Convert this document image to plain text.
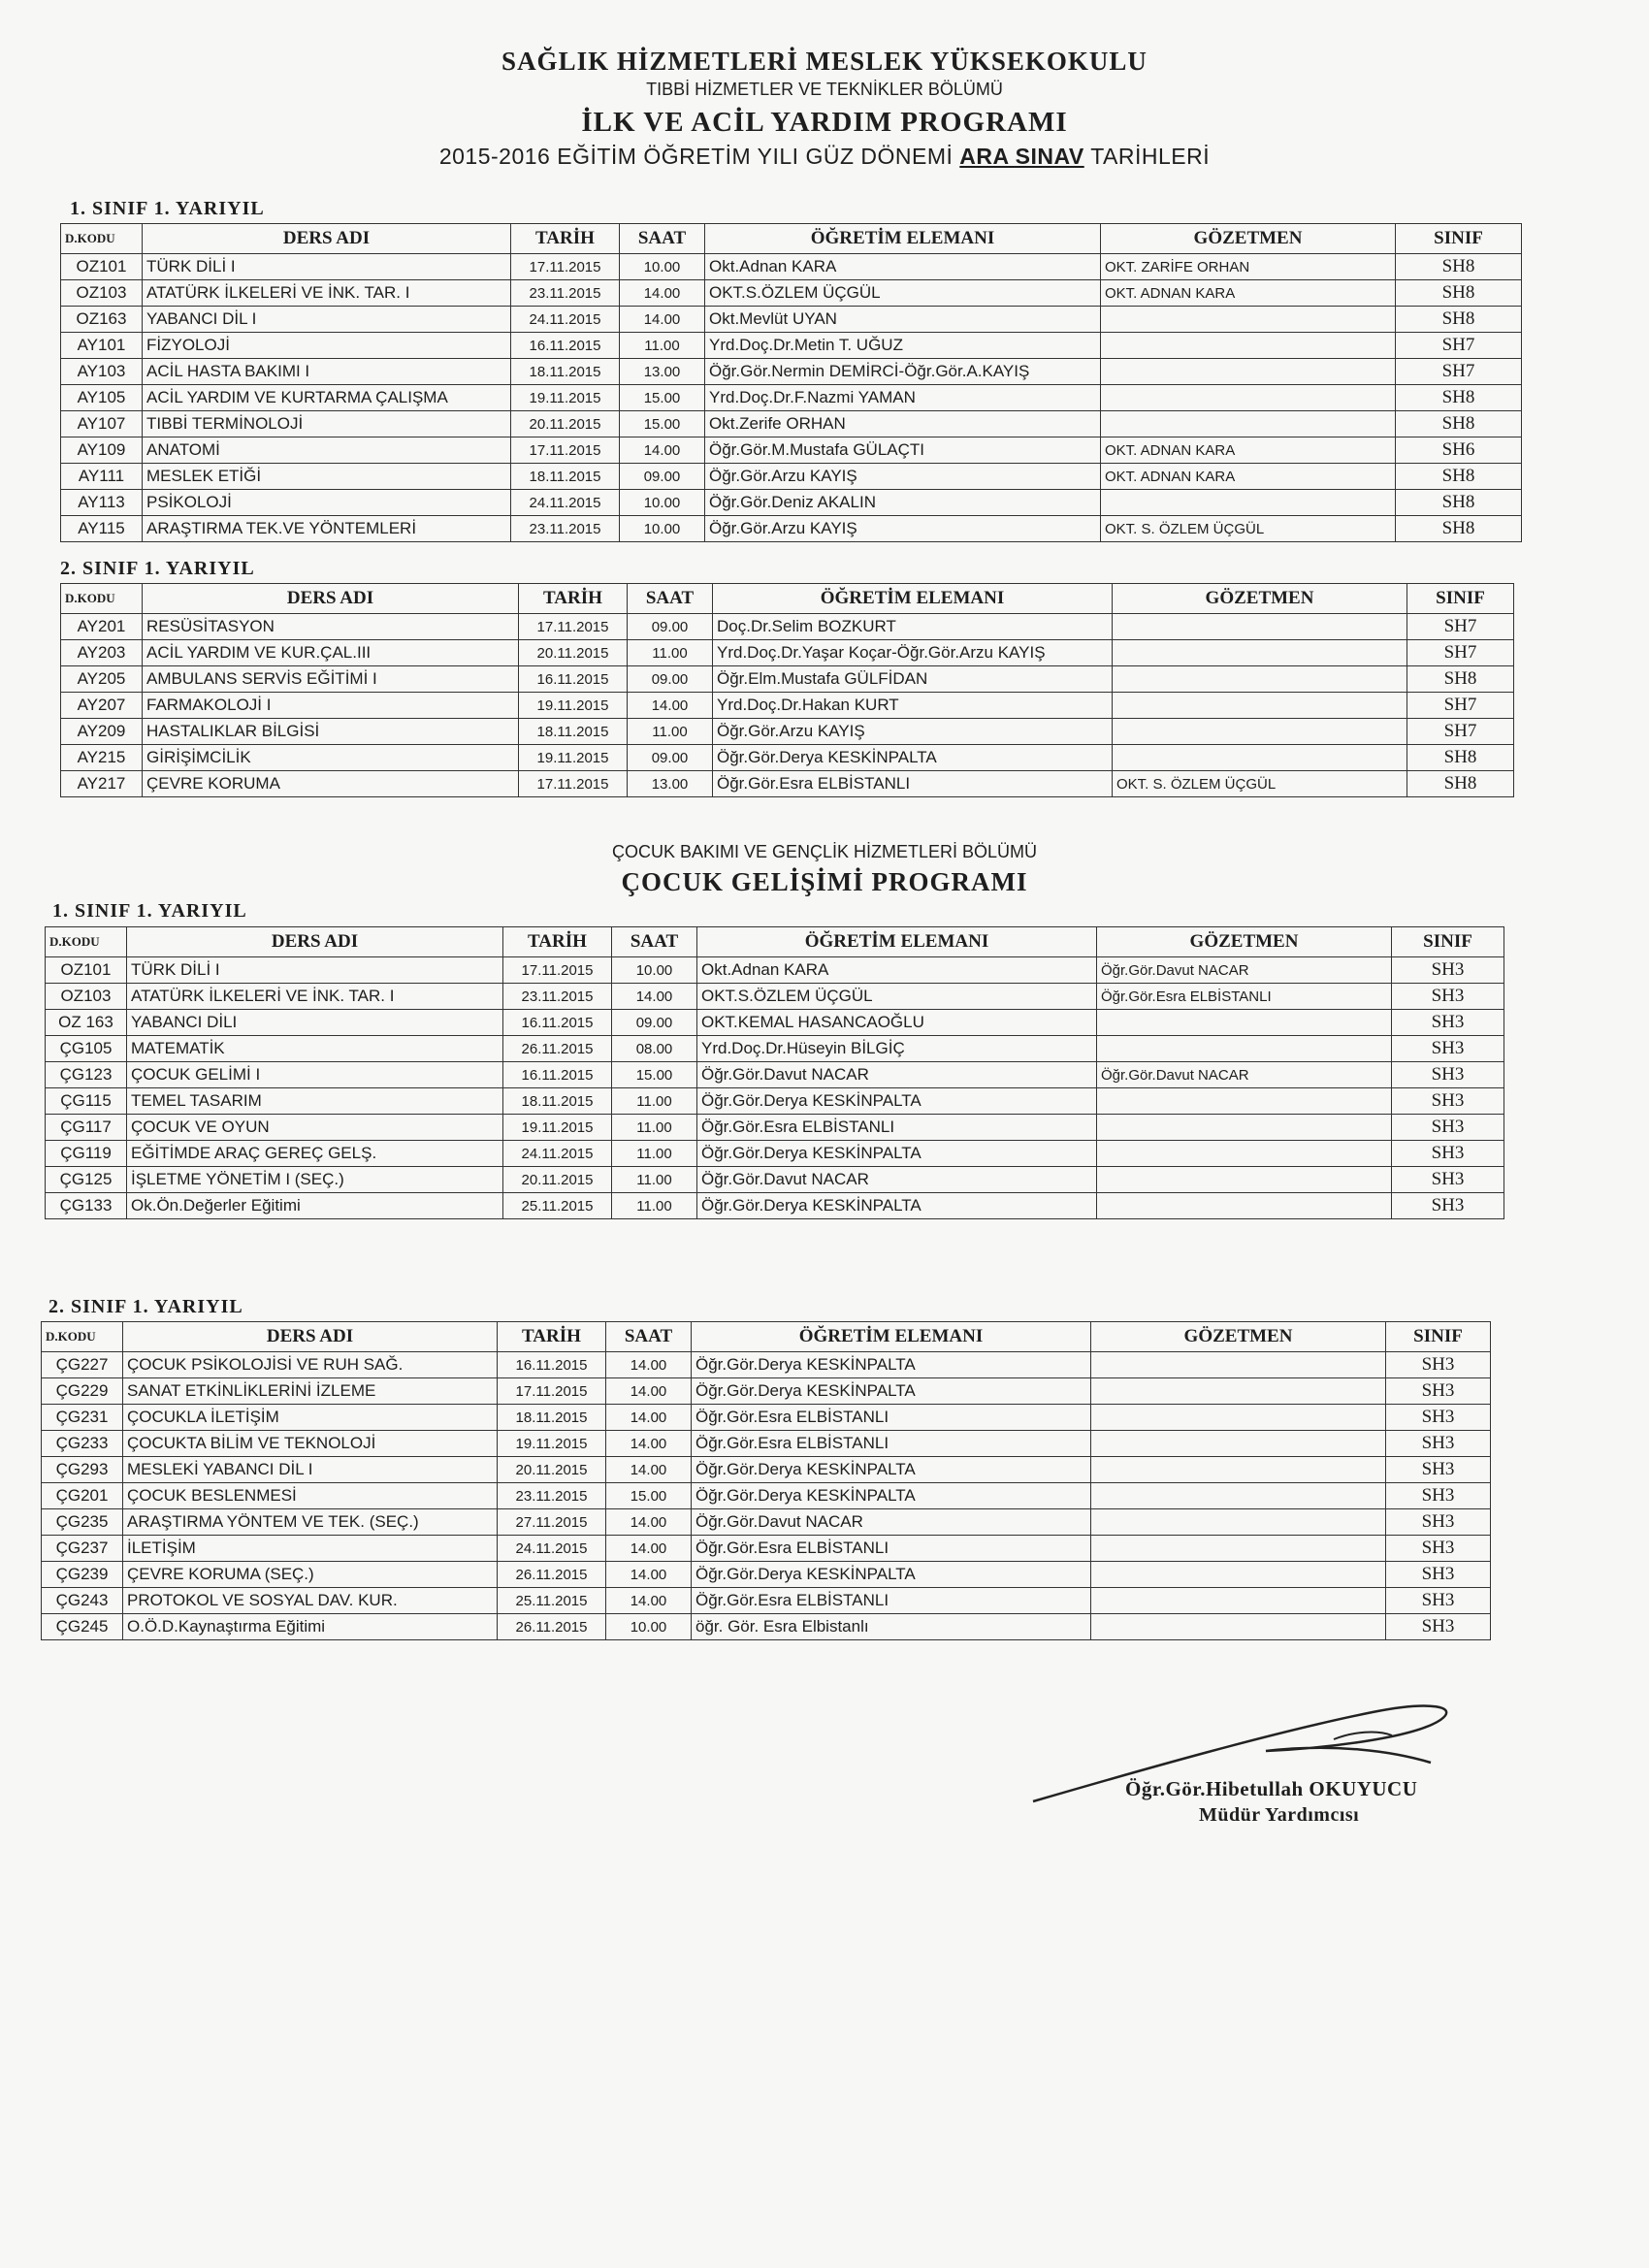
SAĞLIK HİZMETLERİ MESLEK YÜKSEKOKULU
TIBBİ HİZMETLER VE TEKNİKLER BÖLÜMÜ
İLK VE ACİL YARDIM PROGRAMI
2015-2016 EĞİTİM ÖĞRETİM YILI GÜZ DÖNEMİ ARA SINAV TARİHLERİ
1. SINIF 1. YARIYIL
D.KODU	DERS ADI	TARİH	SAAT	ÖĞRETİM ELEMANI	GÖZETMEN	SINIF
OZ101	TÜRK DİLİ I	17.11.2015	10.00	Okt.Adnan KARA	OKT. ZARİFE ORHAN	SH8
OZ103	ATATÜRK İLKELERİ VE İNK. TAR. I	23.11.2015	14.00	OKT.S.ÖZLEM ÜÇGÜL	OKT. ADNAN KARA	SH8
OZ163	YABANCI DİL I	24.11.2015	14.00	Okt.Mevlüt UYAN		SH8
AY101	FİZYOLOJİ	16.11.2015	11.00	Yrd.Doç.Dr.Metin T. UĞUZ		SH7
AY103	ACİL HASTA BAKIMI I	18.11.2015	13.00	Öğr.Gör.Nermin DEMİRCİ-Öğr.Gör.A.KAYIŞ		SH7
AY105	ACİL YARDIM VE KURTARMA ÇALIŞMA	19.11.2015	15.00	Yrd.Doç.Dr.F.Nazmi YAMAN		SH8
AY107	TIBBİ TERMİNOLOJİ	20.11.2015	15.00	Okt.Zerife ORHAN		SH8
AY109	ANATOMİ	17.11.2015	14.00	Öğr.Gör.M.Mustafa GÜLAÇTI	OKT. ADNAN KARA	SH6
AY111	MESLEK ETİĞİ	18.11.2015	09.00	Öğr.Gör.Arzu KAYIŞ	OKT. ADNAN KARA	SH8
AY113	PSİKOLOJİ	24.11.2015	10.00	Öğr.Gör.Deniz AKALIN		SH8
AY115	ARAŞTIRMA TEK.VE YÖNTEMLERİ	23.11.2015	10.00	Öğr.Gör.Arzu KAYIŞ	OKT. S. ÖZLEM ÜÇGÜL	SH8
2. SINIF 1. YARIYIL
D.KODU	DERS ADI	TARİH	SAAT	ÖĞRETİM ELEMANI	GÖZETMEN	SINIF
AY201	RESÜSİTASYON	17.11.2015	09.00	Doç.Dr.Selim BOZKURT		SH7
AY203	ACİL YARDIM VE KUR.ÇAL.III	20.11.2015	11.00	Yrd.Doç.Dr.Yaşar Koçar-Öğr.Gör.Arzu KAYIŞ		SH7
AY205	AMBULANS SERVİS EĞİTİMİ I	16.11.2015	09.00	Öğr.Elm.Mustafa GÜLFİDAN		SH8
AY207	FARMAKOLOJİ I	19.11.2015	14.00	Yrd.Doç.Dr.Hakan KURT		SH7
AY209	HASTALIKLAR BİLGİSİ	18.11.2015	11.00	Öğr.Gör.Arzu KAYIŞ		SH7
AY215	GİRİŞİMCİLİK	19.11.2015	09.00	Öğr.Gör.Derya KESKİNPALTA		SH8
AY217	ÇEVRE KORUMA	17.11.2015	13.00	Öğr.Gör.Esra ELBİSTANLI	OKT. S. ÖZLEM ÜÇGÜL	SH8
ÇOCUK BAKIMI VE GENÇLİK HİZMETLERİ BÖLÜMÜ
ÇOCUK GELİŞİMİ PROGRAMI
1. SINIF 1. YARIYIL
D.KODU	DERS ADI	TARİH	SAAT	ÖĞRETİM ELEMANI	GÖZETMEN	SINIF
OZ101	TÜRK DİLİ I	17.11.2015	10.00	Okt.Adnan KARA	Öğr.Gör.Davut NACAR	SH3
OZ103	ATATÜRK İLKELERİ VE İNK. TAR. I	23.11.2015	14.00	OKT.S.ÖZLEM ÜÇGÜL	Öğr.Gör.Esra ELBİSTANLI	SH3
OZ 163	YABANCI DİLI	16.11.2015	09.00	OKT.KEMAL HASANCAOĞLU		SH3
ÇG105	MATEMATİK	26.11.2015	08.00	Yrd.Doç.Dr.Hüseyin BİLGİÇ		SH3
ÇG123	ÇOCUK GELİMİ I	16.11.2015	15.00	Öğr.Gör.Davut NACAR	Öğr.Gör.Davut NACAR	SH3
ÇG115	TEMEL TASARIM	18.11.2015	11.00	Öğr.Gör.Derya KESKİNPALTA		SH3
ÇG117	ÇOCUK VE OYUN	19.11.2015	11.00	Öğr.Gör.Esra ELBİSTANLI		SH3
ÇG119	EĞİTİMDE ARAÇ GEREÇ GELŞ.	24.11.2015	11.00	Öğr.Gör.Derya KESKİNPALTA		SH3
ÇG125	İŞLETME YÖNETİM I (SEÇ.)	20.11.2015	11.00	Öğr.Gör.Davut NACAR		SH3
ÇG133	Ok.Ön.Değerler Eğitimi	25.11.2015	11.00	Öğr.Gör.Derya KESKİNPALTA		SH3
2. SINIF 1. YARIYIL
D.KODU	DERS ADI	TARİH	SAAT	ÖĞRETİM ELEMANI	GÖZETMEN	SINIF
ÇG227	ÇOCUK PSİKOLOJİSİ VE RUH SAĞ.	16.11.2015	14.00	Öğr.Gör.Derya KESKİNPALTA		SH3
ÇG229	SANAT ETKİNLİKLERİNİ İZLEME	17.11.2015	14.00	Öğr.Gör.Derya KESKİNPALTA		SH3
ÇG231	ÇOCUKLA İLETİŞİM	18.11.2015	14.00	Öğr.Gör.Esra ELBİSTANLI		SH3
ÇG233	ÇOCUKTA BİLİM VE TEKNOLOJİ	19.11.2015	14.00	Öğr.Gör.Esra ELBİSTANLI		SH3
ÇG293	MESLEKİ YABANCI DİL I	20.11.2015	14.00	Öğr.Gör.Derya KESKİNPALTA		SH3
ÇG201	ÇOCUK BESLENMESİ	23.11.2015	15.00	Öğr.Gör.Derya KESKİNPALTA		SH3
ÇG235	ARAŞTIRMA YÖNTEM VE TEK. (SEÇ.)	27.11.2015	14.00	Öğr.Gör.Davut NACAR		SH3
ÇG237	İLETİŞİM	24.11.2015	14.00	Öğr.Gör.Esra ELBİSTANLI		SH3
ÇG239	ÇEVRE KORUMA (SEÇ.)	26.11.2015	14.00	Öğr.Gör.Derya KESKİNPALTA		SH3
ÇG243	PROTOKOL VE SOSYAL DAV. KUR.	25.11.2015	14.00	Öğr.Gör.Esra ELBİSTANLI		SH3
ÇG245	O.Ö.D.Kaynaştırma Eğitimi	26.11.2015	10.00	öğr. Gör. Esra Elbistanlı		SH3
Öğr.Gör.Hibetullah OKUYUCU
Müdür Yardımcısı
